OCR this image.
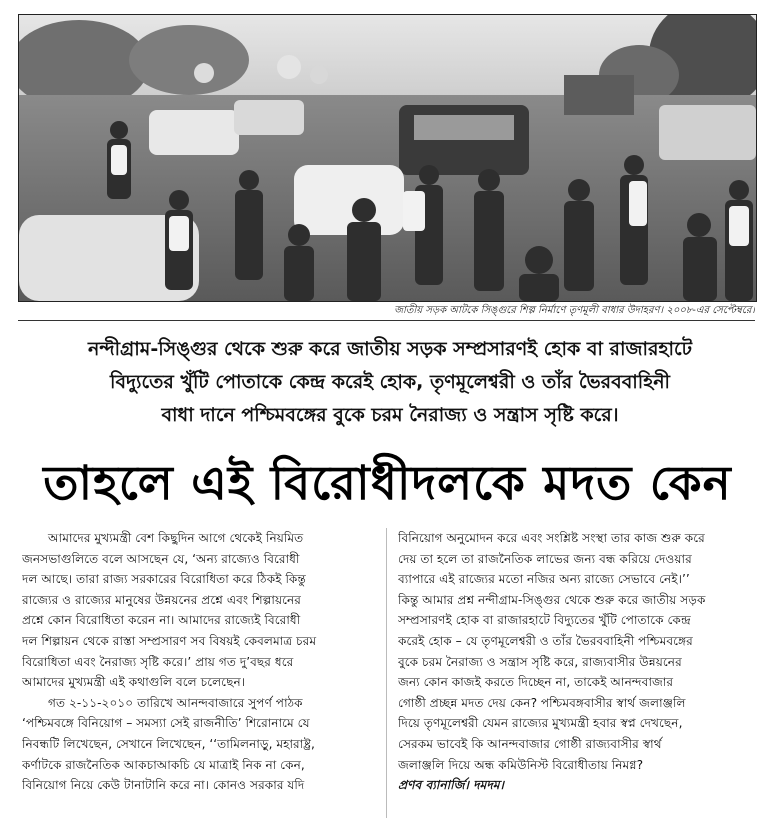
জাতীয় সড়ক আটকে সিঙ্গুরে শিল্প নির্মাণে তৃণমূলী বাধার উদাহরণ। ২০০৮-এর সেপ্টেম্বরে।
নন্দীগ্রাম-সিঙ্গুর থেকে শুরু করে জাতীয় সড়ক সম্প্রসারণই হোক বা রাজারহাটে
বিদ্যুতের খুঁটি পোতাকে কেন্দ্র করেই হোক, তৃণমূলেশ্বরী ও তাঁর ভৈরববাহিনী
বাধা দানে পশ্চিমবঙ্গের বুকে চরম নৈরাজ্য ও সন্ত্রাস সৃষ্টি করে।
তাহলে এই বিরোধীদলকে মদত কেন
আমাদের মুখ্যমন্ত্রী বেশ কিছুদিন আগে থেকেই নিয়মিত
জনসভাগুলিতে বলে আসছেন যে, ‘অন্য রাজ্যেও বিরোধী
দল আছে। তারা রাজ্য সরকারের বিরোধিতা করে ঠিকই কিন্তু
রাজ্যের ও রাজ্যের মানুষের উন্নয়নের প্রশ্নে এবং শিল্পায়নের
প্রশ্নে কোন বিরোধিতা করেন না। আমাদের রাজ্যেই বিরোধী
দল শিল্পায়ন থেকে রাস্তা সম্প্রসারণ সব বিষয়ই কেবলমাত্র চরম
বিরোধিতা এবং নৈরাজ্য সৃষ্টি করে।’ প্রায় গত দু’বছর ধরে
আমাদের মুখ্যমন্ত্রী এই কথাগুলি বলে চলেছেন।
গত ২-১১-২০১০ তারিখে আনন্দবাজারে সুপর্ণ পাঠক
‘পশ্চিমবঙ্গে বিনিয়োগ – সমস্যা সেই রাজনীতি’ শিরোনামে যে
নিবন্ধটি লিখেছেন, সেখানে লিখেছেন, ‘‘তামিলনাড়ু, মহারাষ্ট্র,
কর্ণাটকে রাজনৈতিক আকচাআকচি যে মাত্রাই নিক না কেন,
বিনিয়োগ নিয়ে কেউ টানাটানি করে না। কোনও সরকার যদি
বিনিয়োগ অনুমোদন করে এবং সংশ্লিষ্ট সংস্থা তার কাজ শুরু করে
দেয় তা হলে তা রাজনৈতিক লাভের জন্য বন্ধ করিয়ে দেওয়ার
ব্যাপারে এই রাজ্যের মতো নজির অন্য রাজ্যে সেভাবে নেই।’’
কিন্তু আমার প্রশ্ন নন্দীগ্রাম-সিঙ্গুর থেকে শুরু করে জাতীয় সড়ক
সম্প্রসারণই হোক বা রাজারহাটে বিদ্যুতের খুঁটি পোতাকে কেন্দ্র
করেই হোক – যে তৃণমূলেশ্বরী ও তাঁর ভৈরববাহিনী পশ্চিমবঙ্গের
বুকে চরম নৈরাজ্য ও সন্ত্রাস সৃষ্টি করে, রাজ্যবাসীর উন্নয়নের
জন্য কোন কাজই করতে দিচ্ছেন না, তাকেই আনন্দবাজার
গোষ্ঠী প্রচ্ছন্ন মদত দেয় কেন? পশ্চিমবঙ্গবাসীর স্বার্থ জলাঞ্জলি
দিয়ে তৃণমূলেশ্বরী যেমন রাজ্যের মুখ্যমন্ত্রী হবার স্বপ্ন দেখছেন,
সেরকম ভাবেই কি আনন্দবাজার গোষ্ঠী রাজ্যবাসীর স্বার্থ
জলাঞ্জলি দিয়ে অন্ধ কমিউনিস্ট বিরোধীতায় নিমগ্ন?
প্রণব ব্যানার্জি। দমদম।
